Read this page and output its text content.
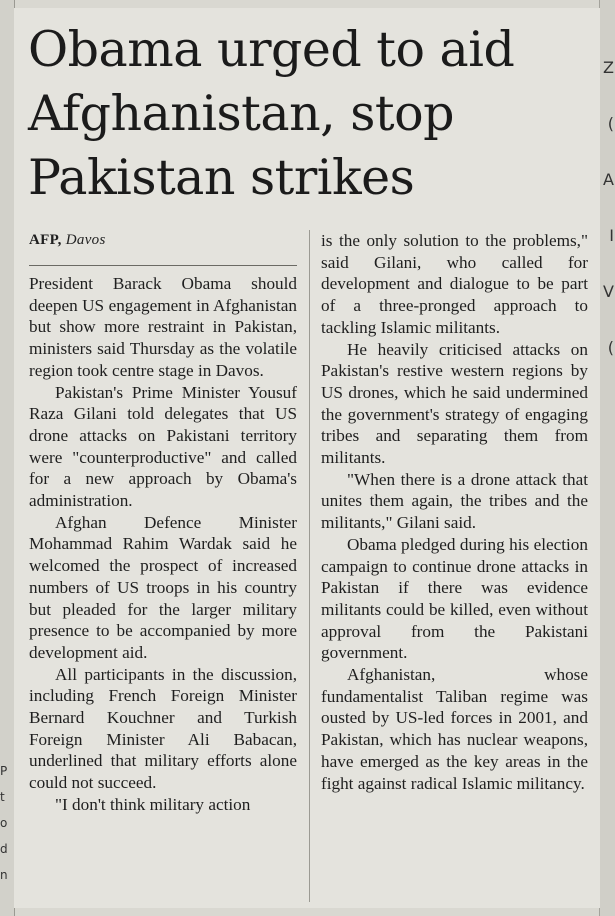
P
t
o
d
n
Z
(
A
I
V
(
Obama urged to aid Afghanistan, stop Pakistan strikes

AFP, Davos

President Barack Obama should deepen US engagement in Afghanistan but show more restraint in Pakistan, ministers said Thursday as the volatile region took centre stage in Davos.

Pakistan's Prime Minister Yousuf Raza Gilani told delegates that US drone attacks on Pakistani territory were "counterproductive" and called for a new approach by Obama's administration.

Afghan Defence Minister Mohammad Rahim Wardak said he welcomed the prospect of increased numbers of US troops in his country but pleaded for the larger military presence to be accompanied by more development aid.

All participants in the discussion, including French Foreign Minister Bernard Kouchner and Turkish Foreign Minister Ali Babacan, underlined that military efforts alone could not succeed.

"I don't think military action

is the only solution to the problems," said Gilani, who called for development and dialogue to be part of a three-pronged approach to tackling Islamic militants.

He heavily criticised attacks on Pakistan's restive western regions by US drones, which he said undermined the government's strategy of engaging tribes and separating them from militants.

"When there is a drone attack that unites them again, the tribes and the militants," Gilani said.

Obama pledged during his election campaign to continue drone attacks in Pakistan if there was evidence militants could be killed, even without approval from the Pakistani government.

Afghanistan, whose fundamentalist Taliban regime was ousted by US-led forces in 2001, and Pakistan, which has nuclear weapons, have emerged as the key areas in the fight against radical Islamic militancy.
